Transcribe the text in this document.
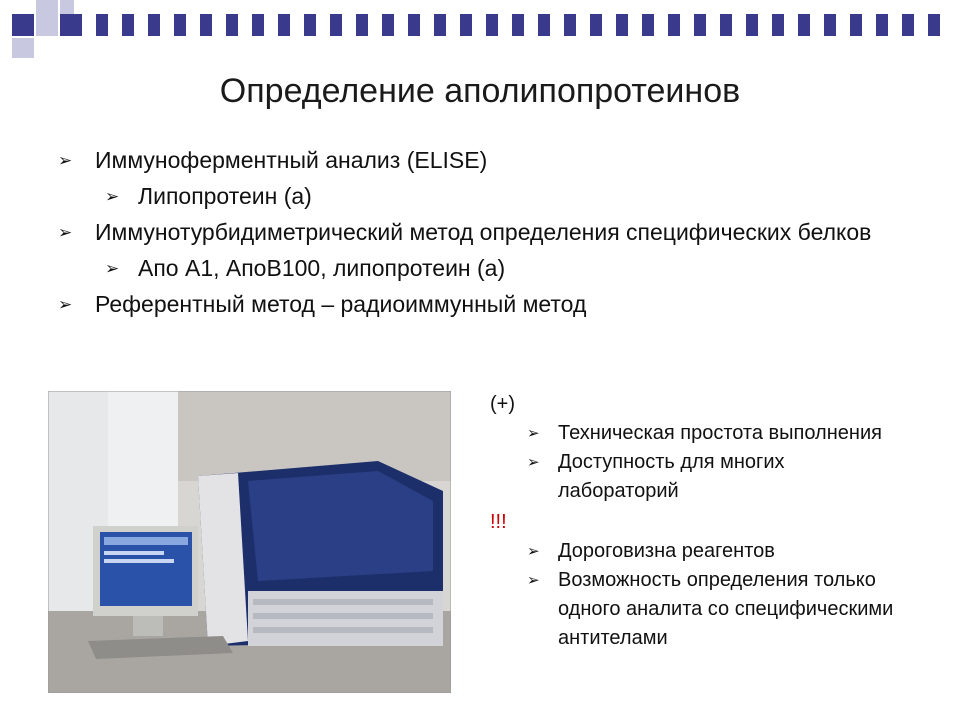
Определение аполипопротеинов
➢ Иммуноферментный анализ (ELISE)
➢ Липопротеин (а)
➢ Иммунотурбидиметрический метод определения специфических белков
➢ Апо А1, АпоВ100, липопротеин (а)
➢ Референтный метод – радиоиммунный метод
(+)
➢ Техническая простота выполнения
➢ Доступность для многих лабораторий
!!!
➢ Дороговизна реагентов
➢ Возможность определения только одного аналита со специфическими антителами
